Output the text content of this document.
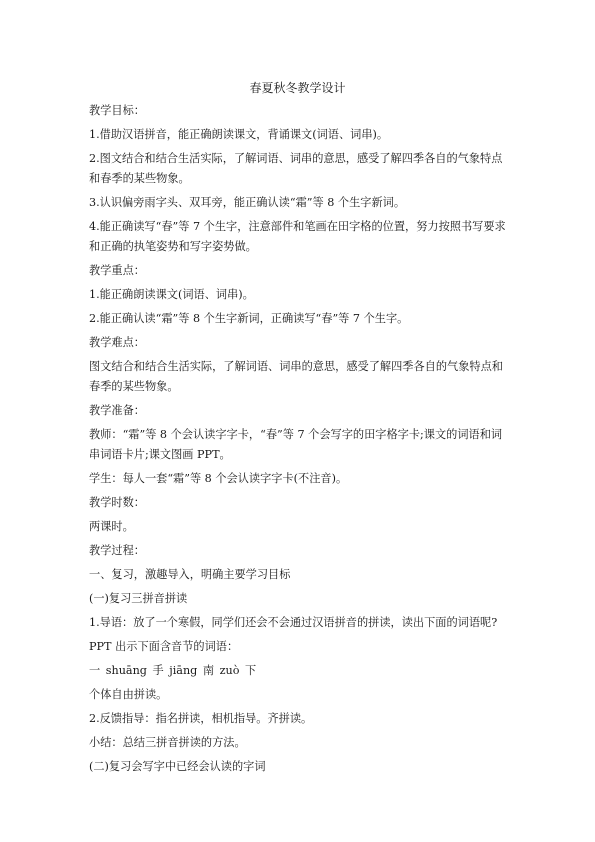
春夏秋冬教学设计

教学目标：

1.借助汉语拼音，能正确朗读课文，背诵课文(词语、词串)。

2.图文结合和结合生活实际，了解词语、词串的意思，感受了解四季各自的气象特点和春季的某些物象。

3.认识偏旁雨字头、双耳旁，能正确认读“霜”等 8 个生字新词。

4.能正确读写“春”等 7 个生字，注意部件和笔画在田字格的位置，努力按照书写要求和正确的执笔姿势和写字姿势做。

教学重点：

1.能正确朗读课文(词语、词串)。

2.能正确认读“霜”等 8 个生字新词，正确读写“春”等 7 个生字。

教学难点：

图文结合和结合生活实际，了解词语、词串的意思，感受了解四季各自的气象特点和春季的某些物象。

教学准备：

教师：“霜”等 8 个会认读字字卡，“春”等 7 个会写字的田字格字卡;课文的词语和词串词语卡片;课文图画 PPT。

学生：每人一套“霜”等 8 个会认读字字卡(不注音)。

教学时数：

两课时。

教学过程：

一、复习，激趣导入，明确主要学习目标

(一)复习三拼音拼读

1.导语：放了一个寒假，同学们还会不会通过汉语拼音的拼读，读出下面的词语呢?

PPT 出示下面含音节的词语：

一 shuāng 手 jiāng 南 zuò 下

个体自由拼读。

2.反馈指导：指名拼读，相机指导。齐拼读。

小结：总结三拼音拼读的方法。

(二)复习会写字中已经会认读的字词
